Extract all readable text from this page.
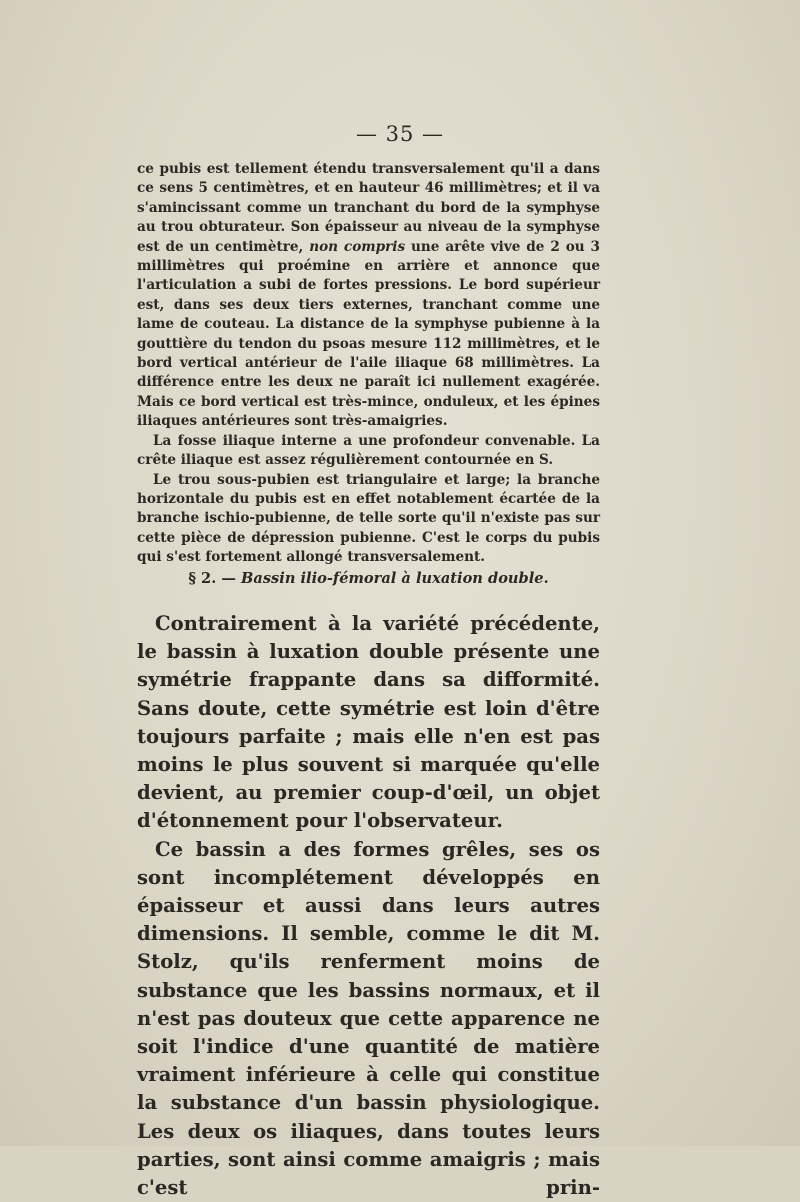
— 35 —

ce pubis est tellement étendu transversalement qu'il a dans ce sens 5 centimètres, et en hauteur 46 millimètres; et il va s'amincissant comme un tranchant du bord de la symphyse au trou obturateur. Son épaisseur au niveau de la symphyse est de un centimètre, non compris une arête vive de 2 ou 3 millimètres qui proémine en arrière et annonce que l'articulation a subi de fortes pressions. Le bord supérieur est, dans ses deux tiers externes, tranchant comme une lame de couteau. La distance de la symphyse pubienne à la gouttière du tendon du psoas mesure 112 millimètres, et le bord vertical antérieur de l'aile iliaque 68 millimètres. La différence entre les deux ne paraît ici nullement exagérée. Mais ce bord vertical est très-mince, onduleux, et les épines iliaques antérieures sont très-amaigries.

La fosse iliaque interne a une profondeur convenable. La crête iliaque est assez régulièrement contournée en S.

Le trou sous-pubien est triangulaire et large; la branche horizontale du pubis est en effet notablement écartée de la branche ischio-pubienne, de telle sorte qu'il n'existe pas sur cette pièce de dépression pubienne. C'est le corps du pubis qui s'est fortement allongé transversalement.

§ 2. — Bassin ilio-fémoral à luxation double.

Contrairement à la variété précédente, le bassin à luxation double présente une symétrie frappante dans sa difformité. Sans doute, cette symétrie est loin d'être toujours parfaite ; mais elle n'en est pas moins le plus souvent si marquée qu'elle devient, au premier coup-d'œil, un objet d'étonnement pour l'observateur.

Ce bassin a des formes grêles, ses os sont incomplétement développés en épaisseur et aussi dans leurs autres dimensions. Il semble, comme le dit M. Stolz, qu'ils renferment moins de substance que les bassins normaux, et il n'est pas douteux que cette apparence ne soit l'indice d'une quantité de matière vraiment inférieure à celle qui constitue la substance d'un bassin physiologique. Les deux os iliaques, dans toutes leurs parties, sont ainsi comme amaigris ; mais c'est prin-
